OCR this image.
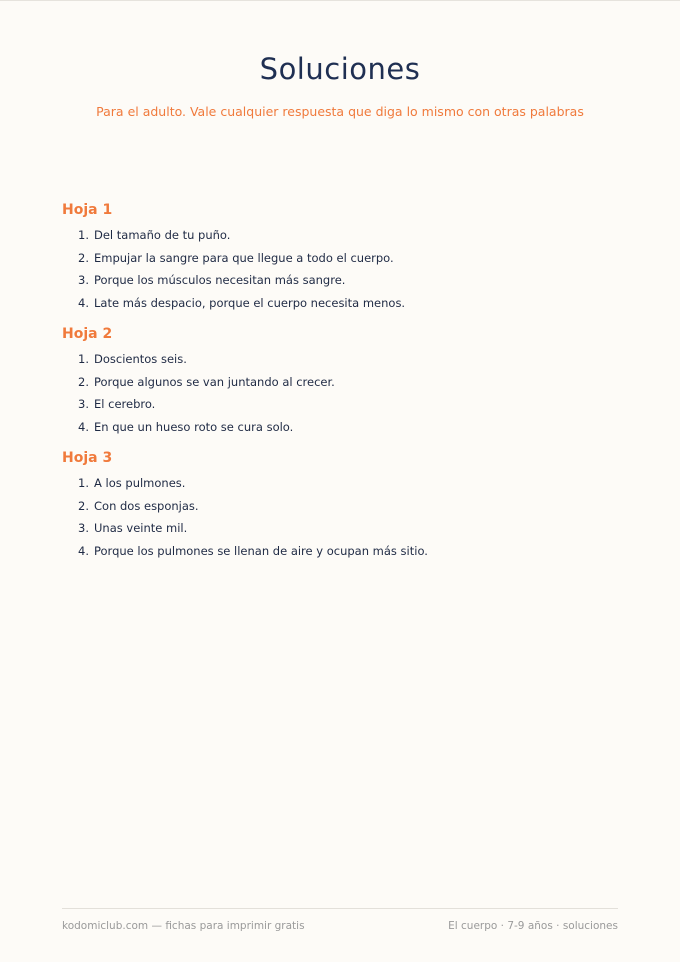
Soluciones

Para el adulto. Vale cualquier respuesta que diga lo mismo con otras palabras

Hoja 1
1. Del tamaño de tu puño.
2. Empujar la sangre para que llegue a todo el cuerpo.
3. Porque los músculos necesitan más sangre.
4. Late más despacio, porque el cuerpo necesita menos.
Hoja 2
1. Doscientos seis.
2. Porque algunos se van juntando al crecer.
3. El cerebro.
4. En que un hueso roto se cura solo.
Hoja 3
1. A los pulmones.
2. Con dos esponjas.
3. Unas veinte mil.
4. Porque los pulmones se llenan de aire y ocupan más sitio.
kodomiclub.com — fichas para imprimir gratis	El cuerpo · 7-9 años · soluciones
